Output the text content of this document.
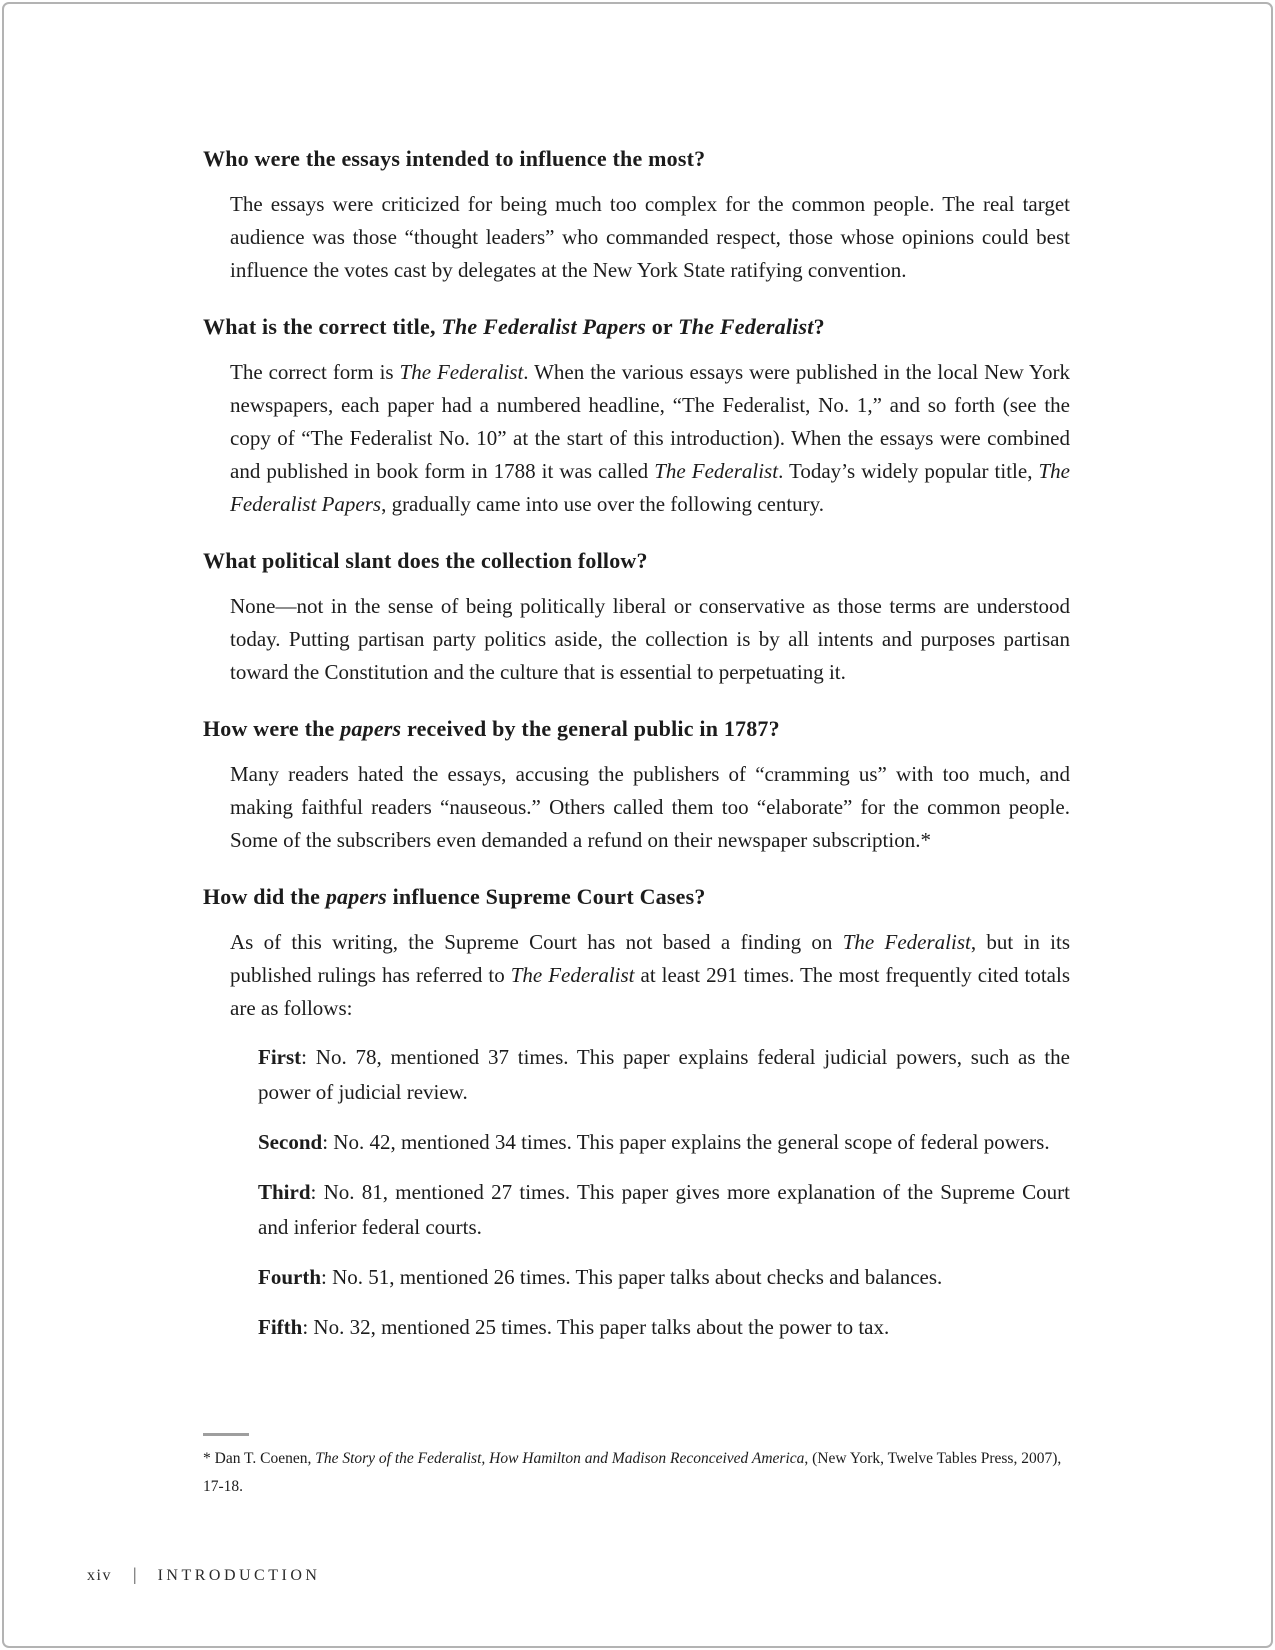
Who were the essays intended to influence the most?

The essays were criticized for being much too complex for the common people. The real target audience was those “thought leaders” who commanded respect, those whose opinions could best influence the votes cast by delegates at the New York State ratifying convention.

What is the correct title, The Federalist Papers or The Federalist?

The correct form is The Federalist. When the various essays were published in the local New York newspapers, each paper had a numbered headline, “The Federalist, No. 1,” and so forth (see the copy of “The Federalist No. 10” at the start of this introduction). When the essays were combined and published in book form in 1788 it was called The Federalist. Today’s widely popular title, The Federalist Papers, gradually came into use over the following century.

What political slant does the collection follow?

None—not in the sense of being politically liberal or conservative as those terms are understood today. Putting partisan party politics aside, the collection is by all intents and purposes partisan toward the Constitution and the culture that is essential to perpetuating it.

How were the papers received by the general public in 1787?

Many readers hated the essays, accusing the publishers of “cramming us” with too much, and making faithful readers “nauseous.” Others called them too “elaborate” for the common people. Some of the subscribers even demanded a refund on their newspaper subscription.*

How did the papers influence Supreme Court Cases?

As of this writing, the Supreme Court has not based a finding on The Federalist, but in its published rulings has referred to The Federalist at least 291 times. The most frequently cited totals are as follows:

First: No. 78, mentioned 37 times. This paper explains federal judicial powers, such as the power of judicial review.

Second: No. 42, mentioned 34 times. This paper explains the general scope of federal powers.

Third: No. 81, mentioned 27 times. This paper gives more explanation of the Supreme Court and inferior federal courts.

Fourth: No. 51, mentioned 26 times. This paper talks about checks and balances.

Fifth: No. 32, mentioned 25 times. This paper talks about the power to tax.

* Dan T. Coenen, The Story of the Federalist, How Hamilton and Madison Reconceived America, (New York, Twelve Tables Press, 2007), 17-18.

xiv | INTRODUCTION
